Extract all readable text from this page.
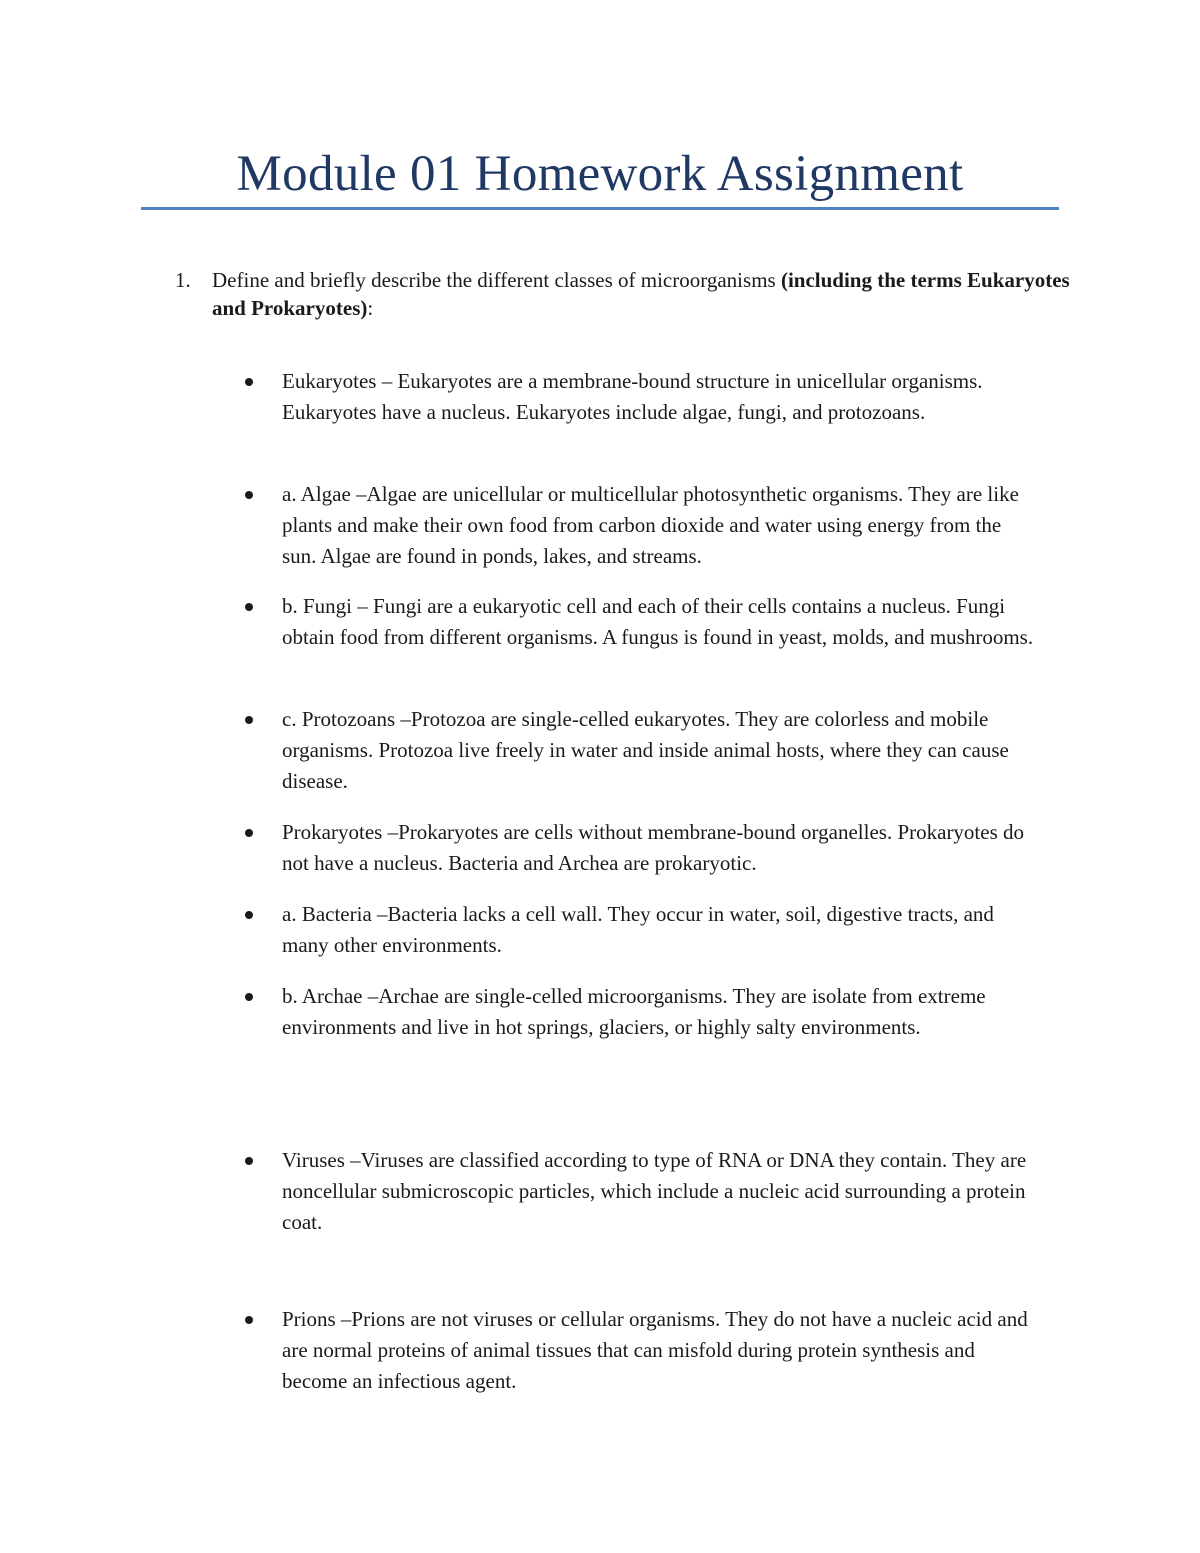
Module 01 Homework Assignment
1. Define and briefly describe the different classes of microorganisms (including the terms Eukaryotes and Prokaryotes):
Eukaryotes – Eukaryotes are a membrane-bound structure in unicellular organisms. Eukaryotes have a nucleus. Eukaryotes include algae, fungi, and protozoans.
a. Algae –Algae are unicellular or multicellular photosynthetic organisms. They are like plants and make their own food from carbon dioxide and water using energy from the sun. Algae are found in ponds, lakes, and streams.
b. Fungi – Fungi are a eukaryotic cell and each of their cells contains a nucleus. Fungi obtain food from different organisms. A fungus is found in yeast, molds, and mushrooms.
c. Protozoans –Protozoa are single-celled eukaryotes. They are colorless and mobile organisms. Protozoa live freely in water and inside animal hosts, where they can cause disease.
Prokaryotes –Prokaryotes are cells without membrane-bound organelles. Prokaryotes do not have a nucleus. Bacteria and Archea are prokaryotic.
a. Bacteria –Bacteria lacks a cell wall. They occur in water, soil, digestive tracts, and many other environments.
b. Archae –Archae are single-celled microorganisms. They are isolate from extreme environments and live in hot springs, glaciers, or highly salty environments.
Viruses –Viruses are classified according to type of RNA or DNA they contain. They are noncellular submicroscopic particles, which include a nucleic acid surrounding a protein coat.
Prions –Prions are not viruses or cellular organisms. They do not have a nucleic acid and are normal proteins of animal tissues that can misfold during protein synthesis and become an infectious agent.
